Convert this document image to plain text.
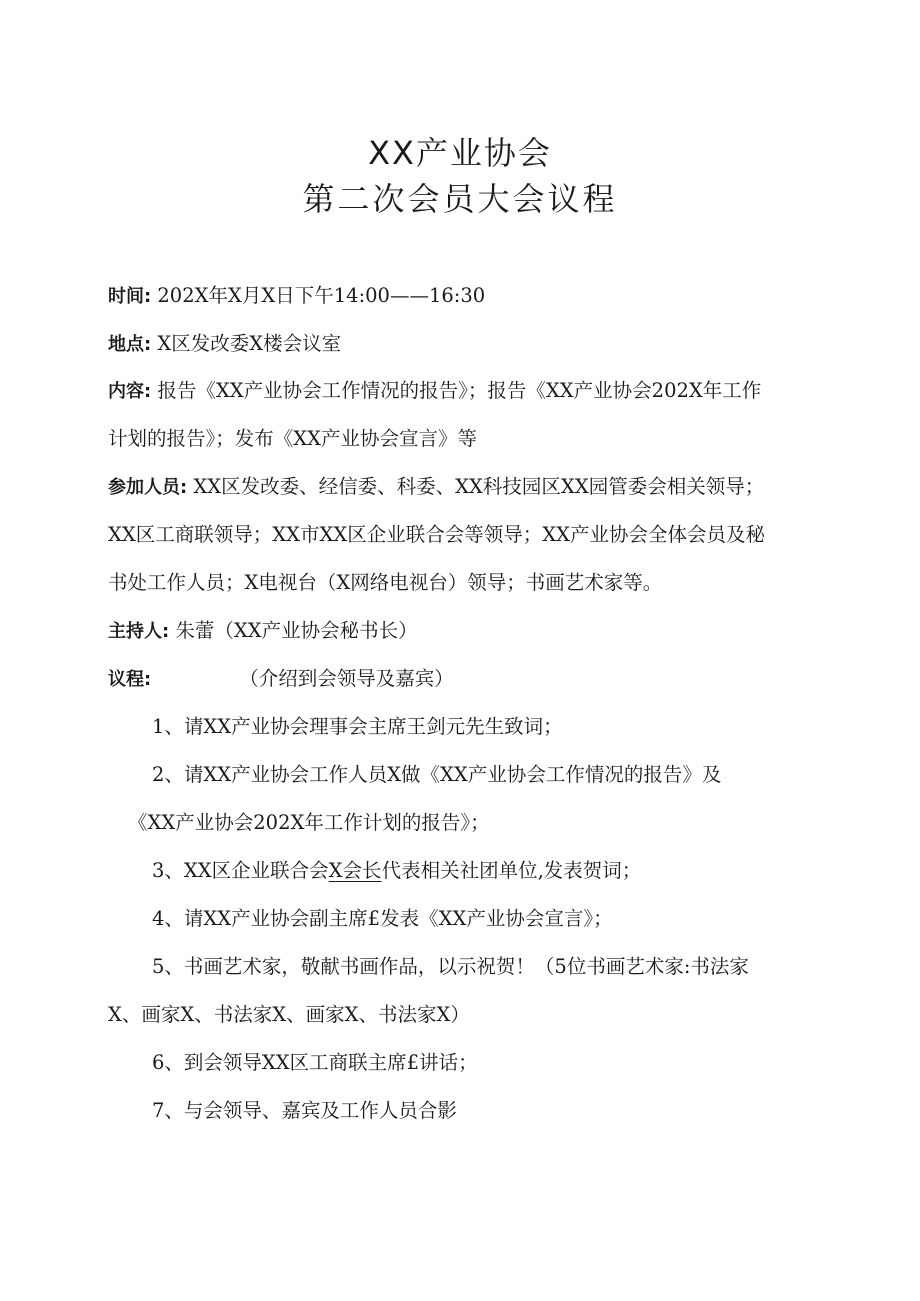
XX产业协会
第二次会员大会议程
时间: 202X年X月X日下午14:00——16:30
地点: X区发改委X楼会议室
内容: 报告《XX产业协会工作情况的报告》；报告《XX产业协会202X年工作
计划的报告》；发布《XX产业协会宣言》等
参加人员: XX区发改委、经信委、科委、XX科技园区XX园管委会相关领导；
XX区工商联领导；XX市XX区企业联合会等领导；XX产业协会全体会员及秘
书处工作人员；X电视台（X网络电视台）领导；书画艺术家等。
主持人: 朱蕾（XX产业协会秘书长）
议程:	（介绍到会领导及嘉宾）
1、请XX产业协会理事会主席王剑元先生致词；
2、请XX产业协会工作人员X做《XX产业协会工作情况的报告》及
《XX产业协会202X年工作计划的报告》；
3、XX区企业联合会X会长代表相关社团单位,发表贺词；
4、请XX产业协会副主席£发表《XX产业协会宣言》；
5、书画艺术家，敬献书画作品，以示祝贺！（5位书画艺术家:书法家
X、画家X、书法家X、画家X、书法家X）
6、到会领导XX区工商联主席£讲话；
7、与会领导、嘉宾及工作人员合影
